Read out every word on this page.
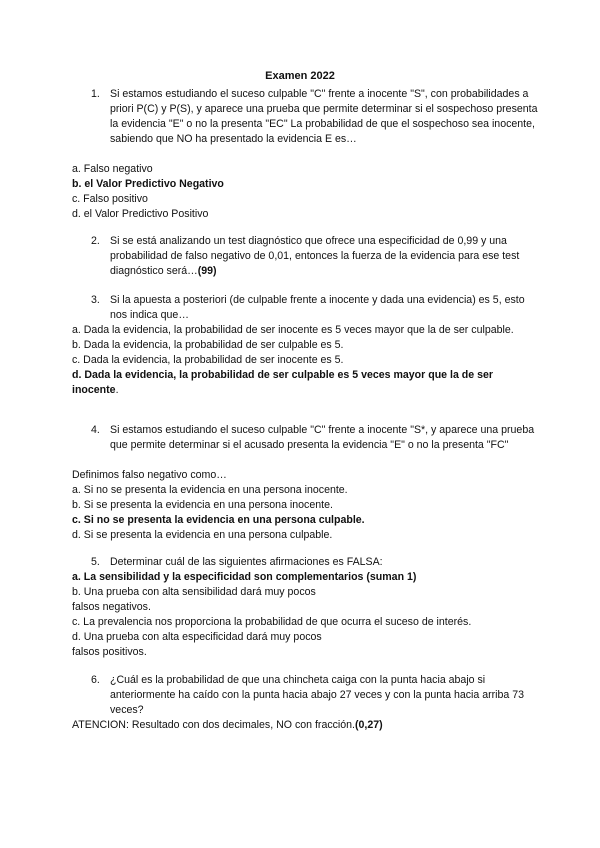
Examen 2022
1. Si estamos estudiando el suceso culpable "C" frente a inocente "S", con probabilidades a priori P(C) y P(S), y aparece una prueba que permite determinar si el sospechoso presenta la evidencia "E" o no la presenta "EC" La probabilidad de que el sospechoso sea inocente, sabiendo que NO ha presentado la evidencia E es…
a. Falso negativo
b. el Valor Predictivo Negativo
c. Falso positivo
d. el Valor Predictivo Positivo
2. Si se está analizando un test diagnóstico que ofrece una especificidad de 0,99 y una probabilidad de falso negativo de 0,01, entonces la fuerza de la evidencia para ese test diagnóstico será…(99)
3. Si la apuesta a posteriori (de culpable frente a inocente y dada una evidencia) es 5, esto nos indica que…
a. Dada la evidencia, la probabilidad de ser inocente es 5 veces mayor que la de ser culpable.
b. Dada la evidencia, la probabilidad de ser culpable es 5.
c. Dada la evidencia, la probabilidad de ser inocente es 5.
d. Dada la evidencia, la probabilidad de ser culpable es 5 veces mayor que la de ser inocente.
4. Si estamos estudiando el suceso culpable "C" frente a inocente "S*, y aparece una prueba que permite determinar si el acusado presenta la evidencia "E" o no la presenta "FC"
Definimos falso negativo como…
a. Si no se presenta la evidencia en una persona inocente.
b. Si se presenta la evidencia en una persona inocente.
c. Si no se presenta la evidencia en una persona culpable.
d. Si se presenta la evidencia en una persona culpable.
5. Determinar cuál de las siguientes afirmaciones es FALSA:
a. La sensibilidad y la especificidad son complementarios (suman 1)
b. Una prueba con alta sensibilidad dará muy pocos
falsos negativos.
c. La prevalencia nos proporciona la probabilidad de que ocurra el suceso de interés.
d. Una prueba con alta especificidad dará muy pocos
falsos positivos.
6. ¿Cuál es la probabilidad de que una chincheta caiga con la punta hacia abajo si anteriormente ha caído con la punta hacia abajo 27 veces y con la punta hacia arriba 73 veces?
ATENCION: Resultado con dos decimales, NO con fracción.(0,27)
